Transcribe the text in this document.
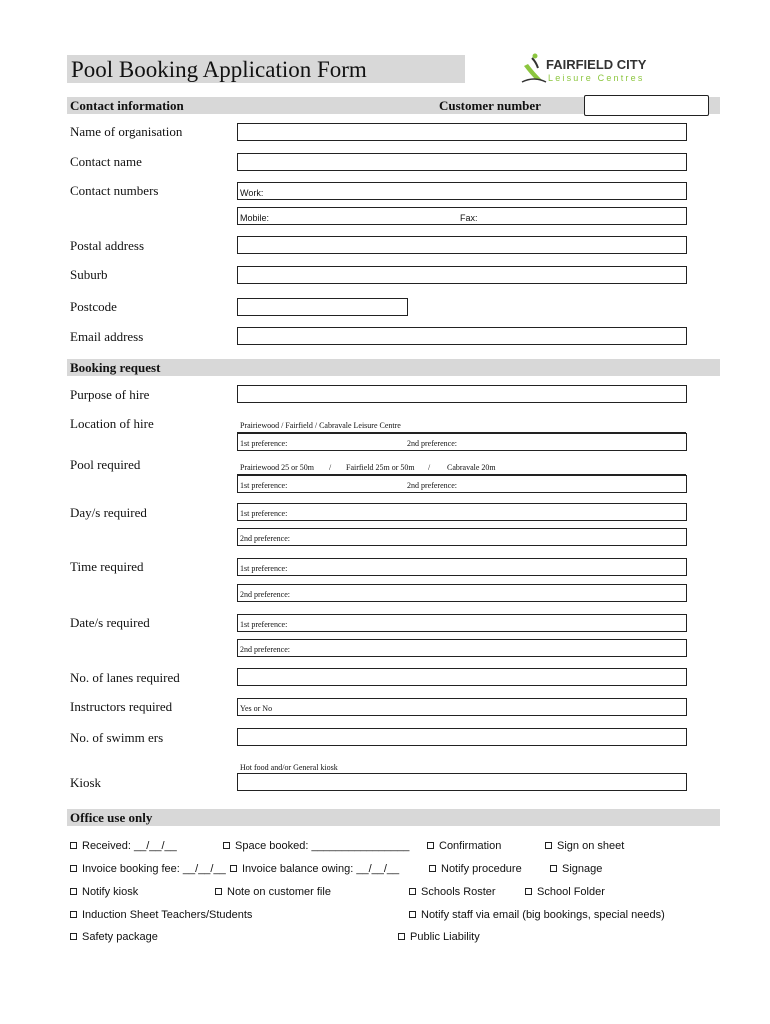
Pool Booking Application Form	FAIRFIELD CITY
Leisure Centres
Contact information	Customer number
Name of organisation
Contact name
Contact numbers	Work:
Mobile:	Fax:
Postal address
Suburb
Postcode
Email address
Booking request
Purpose of hire
Location of hire	Prairiewood / Fairfield / Cabravale Leisure Centre
1st preference:	2nd preference:
Pool required	Prairiewood 25 or 50m / Fairfield 25m or 50m / Cabravale 20m
1st preference:	2nd preference:
Day/s required	1st preference:
2nd preference:
Time required	1st preference:
2nd preference:
Date/s required	1st preference:
2nd preference:
No. of lanes required
Instructors required	Yes or No
No. of swimm ers
Hot food and/or General kiosk
Kiosk
Office use only
Received: __/__/__	Space booked: ________________	Confirmation	Sign on sheet
Invoice booking fee: __/__/__	Invoice balance owing: __/__/__	Notify procedure	Signage
Notify kiosk	Note on customer file	Schools Roster	School Folder
Induction Sheet Teachers/Students	Notify staff via email (big bookings, special needs)
Safety package	Public Liability
